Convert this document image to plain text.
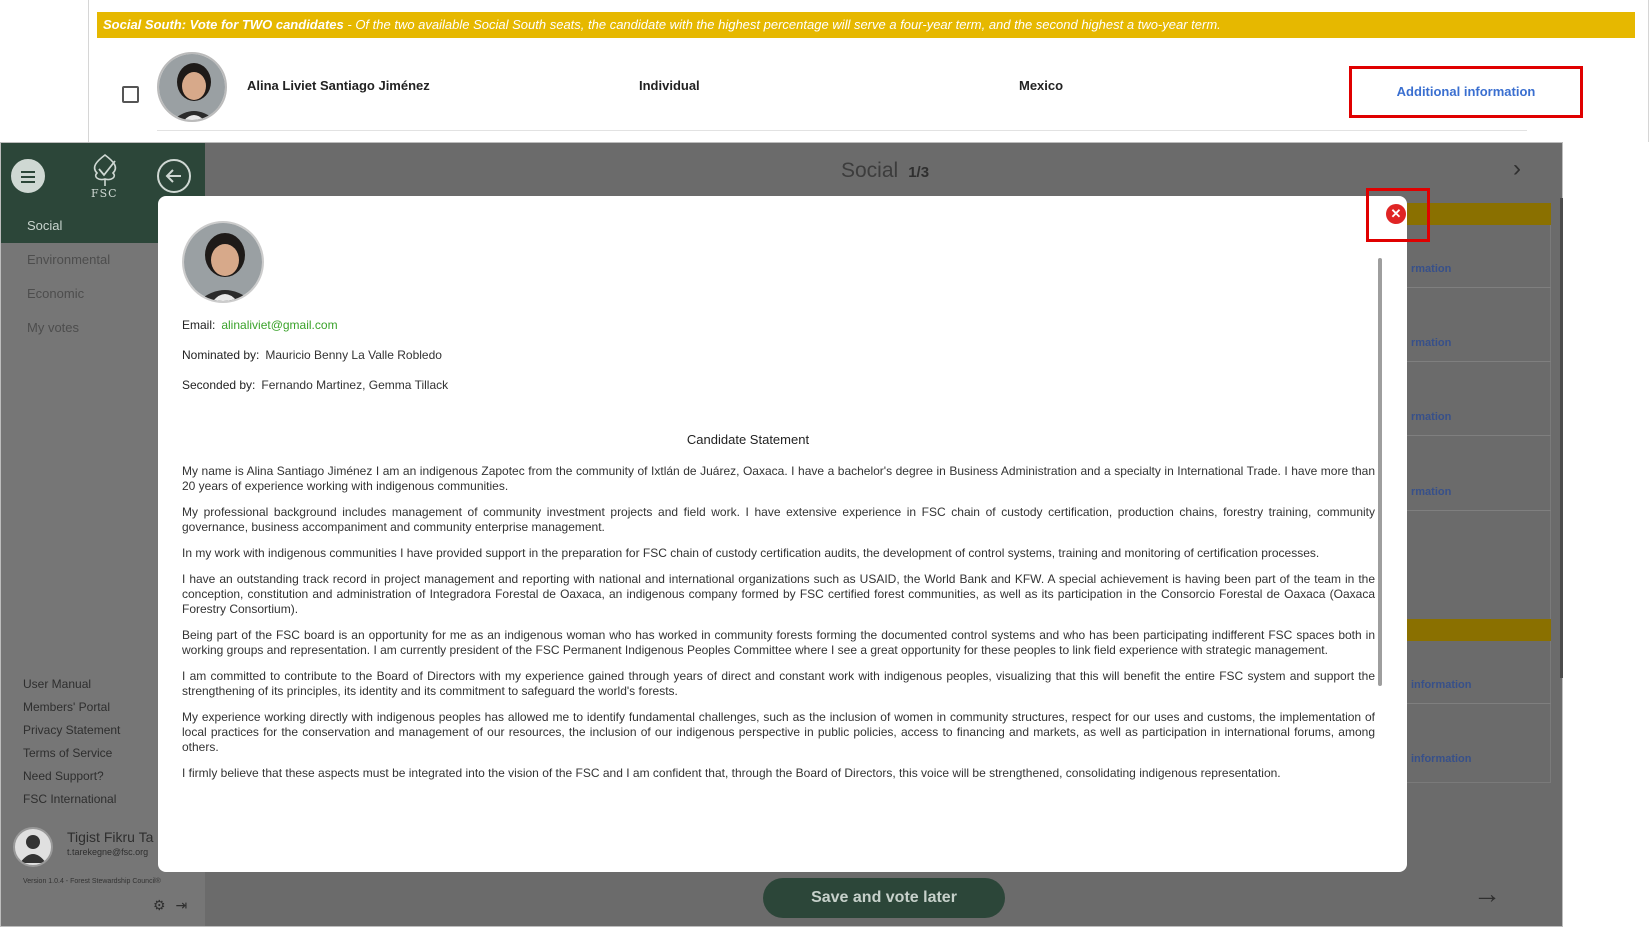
Social South: Vote for TWO candidates - Of the two available Social South seats, the candidate with the highest percentage will serve a four-year term, and the second highest a two-year term.
Alina Liviet Santiago Jiménez	Individual	Mexico	Additional information
FSC
Social
Environmental
Economic
My votes
User Manual
Members' Portal
Privacy Statement
Terms of Service
Need Support?
FSC International
Tigist Fikru Ta
t.tarekegne@fsc.org
Version 1.0.4 - Forest Stewardship Council®
⚙ ⇥
Social 1/3	›
rmation
rmation
rmation
rmation
information
information
Save and vote later	→
✕
Email: alinaliviet@gmail.com
Nominated by: Mauricio Benny La Valle Robledo
Seconded by: Fernando Martinez, Gemma Tillack
Candidate Statement

My name is Alina Santiago Jiménez I am an indigenous Zapotec from the community of Ixtlán de Juárez, Oaxaca. I have a bachelor's degree in Business Administration and a specialty in International Trade. I have more than 20 years of experience working with indigenous communities.

My professional background includes management of community investment projects and field work. I have extensive experience in FSC chain of custody certification, production chains, forestry training, community governance, business accompaniment and community enterprise management.

In my work with indigenous communities I have provided support in the preparation for FSC chain of custody certification audits, the development of control systems, training and monitoring of certification processes.

I have an outstanding track record in project management and reporting with national and international organizations such as USAID, the World Bank and KFW. A special achievement is having been part of the team in the conception, constitution and administration of Integradora Forestal de Oaxaca, an indigenous company formed by FSC certified forest communities, as well as its participation in the Consorcio Forestal de Oaxaca (Oaxaca Forestry Consortium).

Being part of the FSC board is an opportunity for me as an indigenous woman who has worked in community forests forming the documented control systems and who has been participating indifferent FSC spaces both in working groups and representation. I am currently president of the FSC Permanent Indigenous Peoples Committee where I see a great opportunity for these peoples to link field experience with strategic management.

I am committed to contribute to the Board of Directors with my experience gained through years of direct and constant work with indigenous peoples, visualizing that this will benefit the entire FSC system and support the strengthening of its principles, its identity and its commitment to safeguard the world's forests.

My experience working directly with indigenous peoples has allowed me to identify fundamental challenges, such as the inclusion of women in community structures, respect for our uses and customs, the implementation of local practices for the conservation and management of our resources, the inclusion of our indigenous perspective in public policies, access to financing and markets, as well as participation in international forums, among others.

I firmly believe that these aspects must be integrated into the vision of the FSC and I am confident that, through the Board of Directors, this voice will be strengthened, consolidating indigenous representation.
